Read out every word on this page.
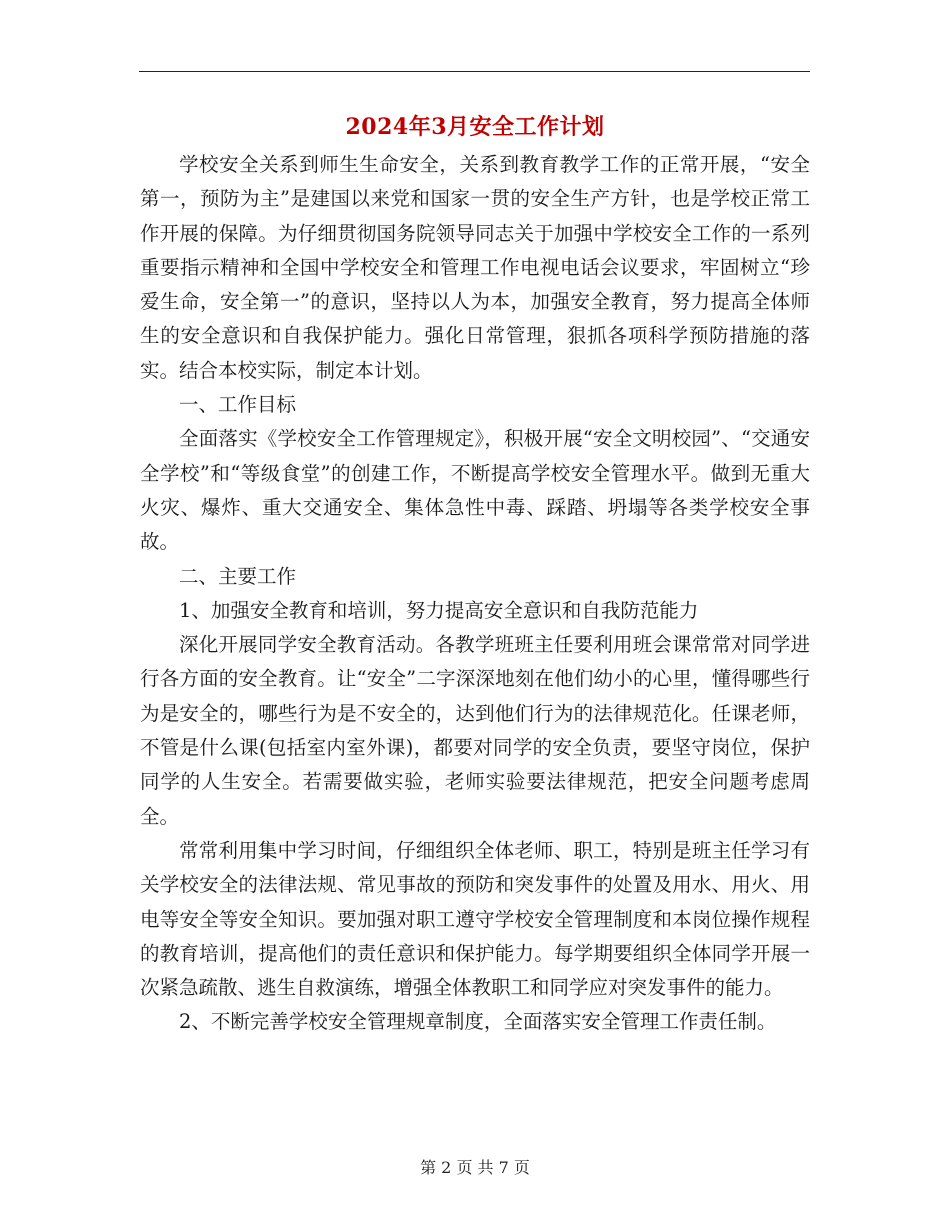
2024年3月安全工作计划

学校安全关系到师生生命安全，关系到教育教学工作的正常开展，“安全第一，预防为主”是建国以来党和国家一贯的安全生产方针，也是学校正常工作开展的保障。为仔细贯彻国务院领导同志关于加强中学校安全工作的一系列重要指示精神和全国中学校安全和管理工作电视电话会议要求，牢固树立“珍爱生命，安全第一”的意识，坚持以人为本，加强安全教育，努力提高全体师生的安全意识和自我保护能力。强化日常管理，狠抓各项科学预防措施的落实。结合本校实际，制定本计划。

一、工作目标

全面落实《学校安全工作管理规定》，积极开展“安全文明校园”、“交通安全学校”和“等级食堂”的创建工作，不断提高学校安全管理水平。做到无重大火灾、爆炸、重大交通安全、集体急性中毒、踩踏、坍塌等各类学校安全事故。

二、主要工作

1、加强安全教育和培训，努力提高安全意识和自我防范能力

深化开展同学安全教育活动。各教学班班主任要利用班会课常常对同学进行各方面的安全教育。让“安全”二字深深地刻在他们幼小的心里，懂得哪些行为是安全的，哪些行为是不安全的，达到他们行为的法律规范化。任课老师，不管是什么课(包括室内室外课)，都要对同学的安全负责，要坚守岗位，保护同学的人生安全。若需要做实验，老师实验要法律规范，把安全问题考虑周全。

常常利用集中学习时间，仔细组织全体老师、职工，特别是班主任学习有关学校安全的法律法规、常见事故的预防和突发事件的处置及用水、用火、用电等安全等安全知识。要加强对职工遵守学校安全管理制度和本岗位操作规程的教育培训，提高他们的责任意识和保护能力。每学期要组织全体同学开展一次紧急疏散、逃生自救演练，增强全体教职工和同学应对突发事件的能力。

2、不断完善学校安全管理规章制度，全面落实安全管理工作责任制。

第 2 页 共 7 页
